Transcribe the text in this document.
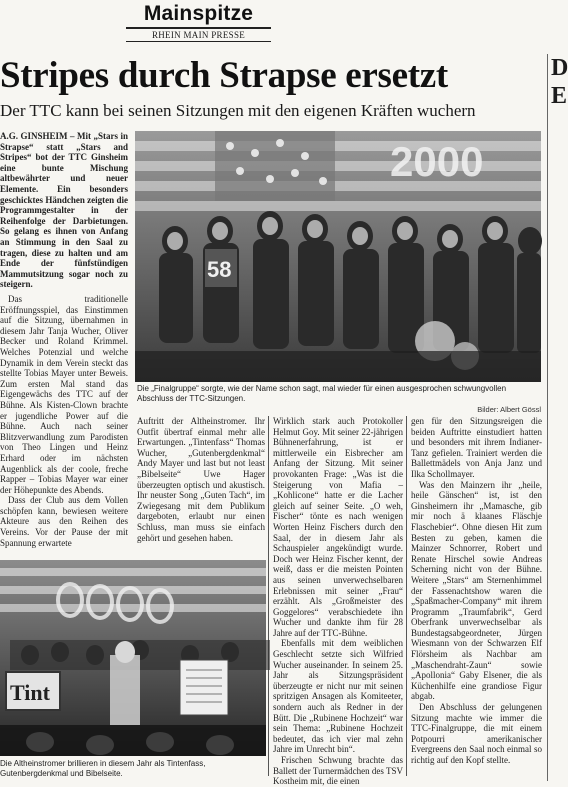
Mainspitze
RHEIN MAIN PRESSE
Stripes durch Strapse ersetzt
Der TTC kann bei seinen Sitzungen mit den eigenen Kräften wuchern
D
E

A.G. GINSHEIM – Mit „Stars in Strapse“ statt „Stars and Stripes“ bot der TTC Ginsheim eine bunte Mischung altbewährter und neuer Elemente. Ein besonders geschicktes Händchen zeigten die Programmgestalter in der Reihenfolge der Darbietungen. So gelang es ihnen von Anfang an Stimmung in den Saal zu tragen, diese zu halten und am Ende der fünfstündigen Mammutsitzung sogar noch zu steigern.

Das traditionelle Eröffnungsspiel, das Einstimmen auf die Sitzung, übernahmen in diesem Jahr Tanja Wucher, Oliver Becker und Roland Krimmel. Welches Potenzial und welche Dynamik in dem Verein steckt das stellte Tobias Mayer unter Beweis. Zum ersten Mal stand das Eigengewächs des TTC auf der Bühne. Als Kisten-Clown brachte er jugendliche Power auf die Bühne. Auch nach seiner Blitzverwandlung zum Parodisten von Theo Lingen und Heinz Erhard oder im nächsten Augenblick als der coole, freche Rapper – Tobias Mayer war einer der Höhepunkte des Abends.

Dass der Club aus dem Vollen schöpfen kann, bewiesen weitere Akteure aus den Reihen des Vereins. Vor der Pause der mit Spannung erwartete

2000
58
Die „Finalgruppe“ sorgte, wie der Name schon sagt, mal wieder für einen ausgesprochen schwungvollen Abschluss der TTC-Sitzungen.
Bilder: Albert Gössl

Auftritt der Altheinstromer. Ihr Outfit übertraf einmal mehr alle Erwartungen. „Tintenfass“ Thomas Wucher, „Gutenbergdenkmal“ Andy Mayer und last but not least „Bibelseite“ Uwe Hager überzeugten optisch und akustisch. Ihr neuster Song „Guten Tach“, im Zwiegesang mit dem Publikum dargeboten, erlaubt nur einen Schluss, man muss sie einfach gehört und gesehen haben.

Wirklich stark auch Protokoller Helmut Goy. Mit seiner 22-jährigen Bühnenerfahrung, ist er mittlerweile ein Eisbrecher am Anfang der Sitzung. Mit seiner provokanten Frage: „Was ist die Steigerung von Mafia – „Kohlicone“ hatte er die Lacher gleich auf seiner Seite. „O weh, Fischer“ tönte es nach wenigen Worten Heinz Fischers durch den Saal, der in diesem Jahr als Schauspieler angekündigt wurde. Doch wer Heinz Fischer kennt, der weiß, dass er die meisten Pointen aus seinen unverwechselbaren Erlebnissen mit seiner „Frau“ erzählt. Als „Großmeister des Goggelores“ verabschiedete ihn Wucher und dankte ihm für 28 Jahre auf der TTC-Bühne.

Ebenfalls mit dem weiblichen Geschlecht setzte sich Wilfried Wucher auseinander. In seinem 25. Jahr als Sitzungspräsident überzeugte er nicht nur mit seinen spritzigen Ansagen als Komiteeter, sondern auch als Redner in der Bütt. Die „Rubinene Hochzeit“ war sein Thema: „Rubinene Hochzeit bedeutet, das ich vier mal zehn Jahre im Unrecht bin“.

Frischen Schwung brachte das Ballett der Turnermädchen des TSV Kostheim mit, die einen

gen für den Sitzungsreigen die beiden Auftritte einstudiert hatten und besonders mit ihrem Indianer-Tanz gefielen. Trainiert werden die Ballettmädels von Anja Janz und Ilka Schollmayer.

Was den Mainzern ihr „heile, heile Gänschen“ ist, ist den Ginsheimern ihr „Mamasche, gib mir noch ä klaanes Fläschje Flaschebier“. Ohne diesen Hit zum Besten zu geben, kamen die Mainzer Schnorrer, Robert und Renate Hirschel sowie Andreas Scherning nicht von der Bühne. Weitere „Stars“ am Sternenhimmel der Fassenachtshow waren die „Spaßmacher-Company“ mit ihrem Programm „Traumfabrik“, Gerd Oberfrank unverwechselbar als Bundestagsabgeordneter, Jürgen Wiesmann von der Schwarzen Elf Flörsheim als Nachbar am „Maschendraht-Zaun“ sowie „Apollonia“ Gaby Elsener, die als Küchenhilfe eine grandiose Figur abgab.

Den Abschluss der gelungenen Sitzung machte wie immer die TTC-Finalgruppe, die mit einem Potpourri amerikanischer Evergreens den Saal noch einmal so richtig auf den Kopf stellte.

Tint
Die Altheinstromer brillieren in diesem Jahr als Tintenfass, Gutenbergdenkmal und Bibelseite.
